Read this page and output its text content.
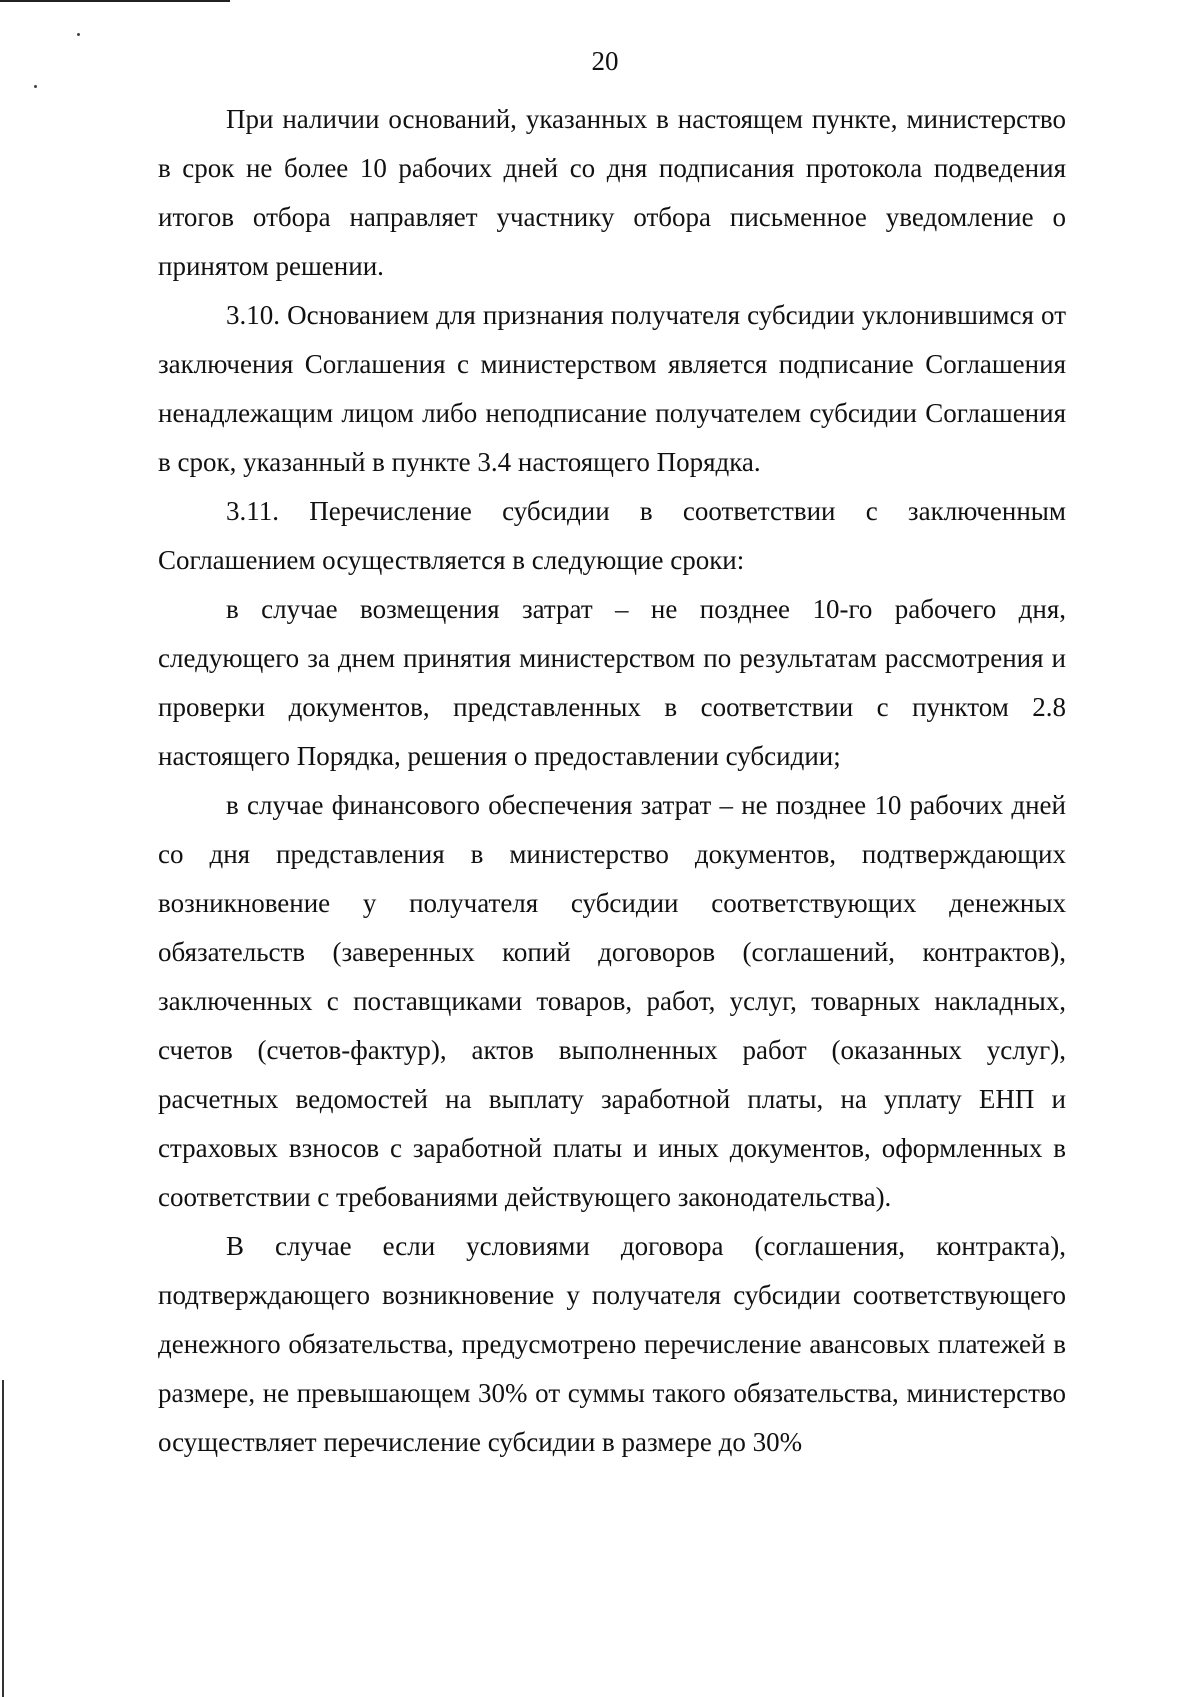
20

При наличии оснований, указанных в настоящем пункте, министерство в срок не более 10 рабочих дней со дня подписания протокола подведения итогов отбора направляет участнику отбора письменное уведомление о принятом решении.

3.10. Основанием для признания получателя субсидии уклонившимся от заключения Соглашения с министерством является подписание Соглашения ненадлежащим лицом либо неподписание получателем субсидии Соглашения в срок, указанный в пункте 3.4 настоящего Порядка.

3.11. Перечисление субсидии в соответствии с заключенным Соглашением осуществляется в следующие сроки:

в случае возмещения затрат – не позднее 10-го рабочего дня, следующего за днем принятия министерством по результатам рассмотрения и проверки документов, представленных в соответствии с пунктом 2.8 настоящего Порядка, решения о предоставлении субсидии;

в случае финансового обеспечения затрат – не позднее 10 рабочих дней со дня представления в министерство документов, подтверждающих возникновение у получателя субсидии соответствующих денежных обязательств (заверенных копий договоров (соглашений, контрактов), заключенных с поставщиками товаров, работ, услуг, товарных накладных, счетов (счетов-фактур), актов выполненных работ (оказанных услуг), расчетных ведомостей на выплату заработной платы, на уплату ЕНП и страховых взносов с заработной платы и иных документов, оформленных в соответствии с требованиями действующего законодательства).

В случае если условиями договора (соглашения, контракта), подтверждающего возникновение у получателя субсидии соответствующего денежного обязательства, предусмотрено перечисление авансовых платежей в размере, не превышающем 30% от суммы такого обязательства, министерство осуществляет перечисление субсидии в размере до 30%
